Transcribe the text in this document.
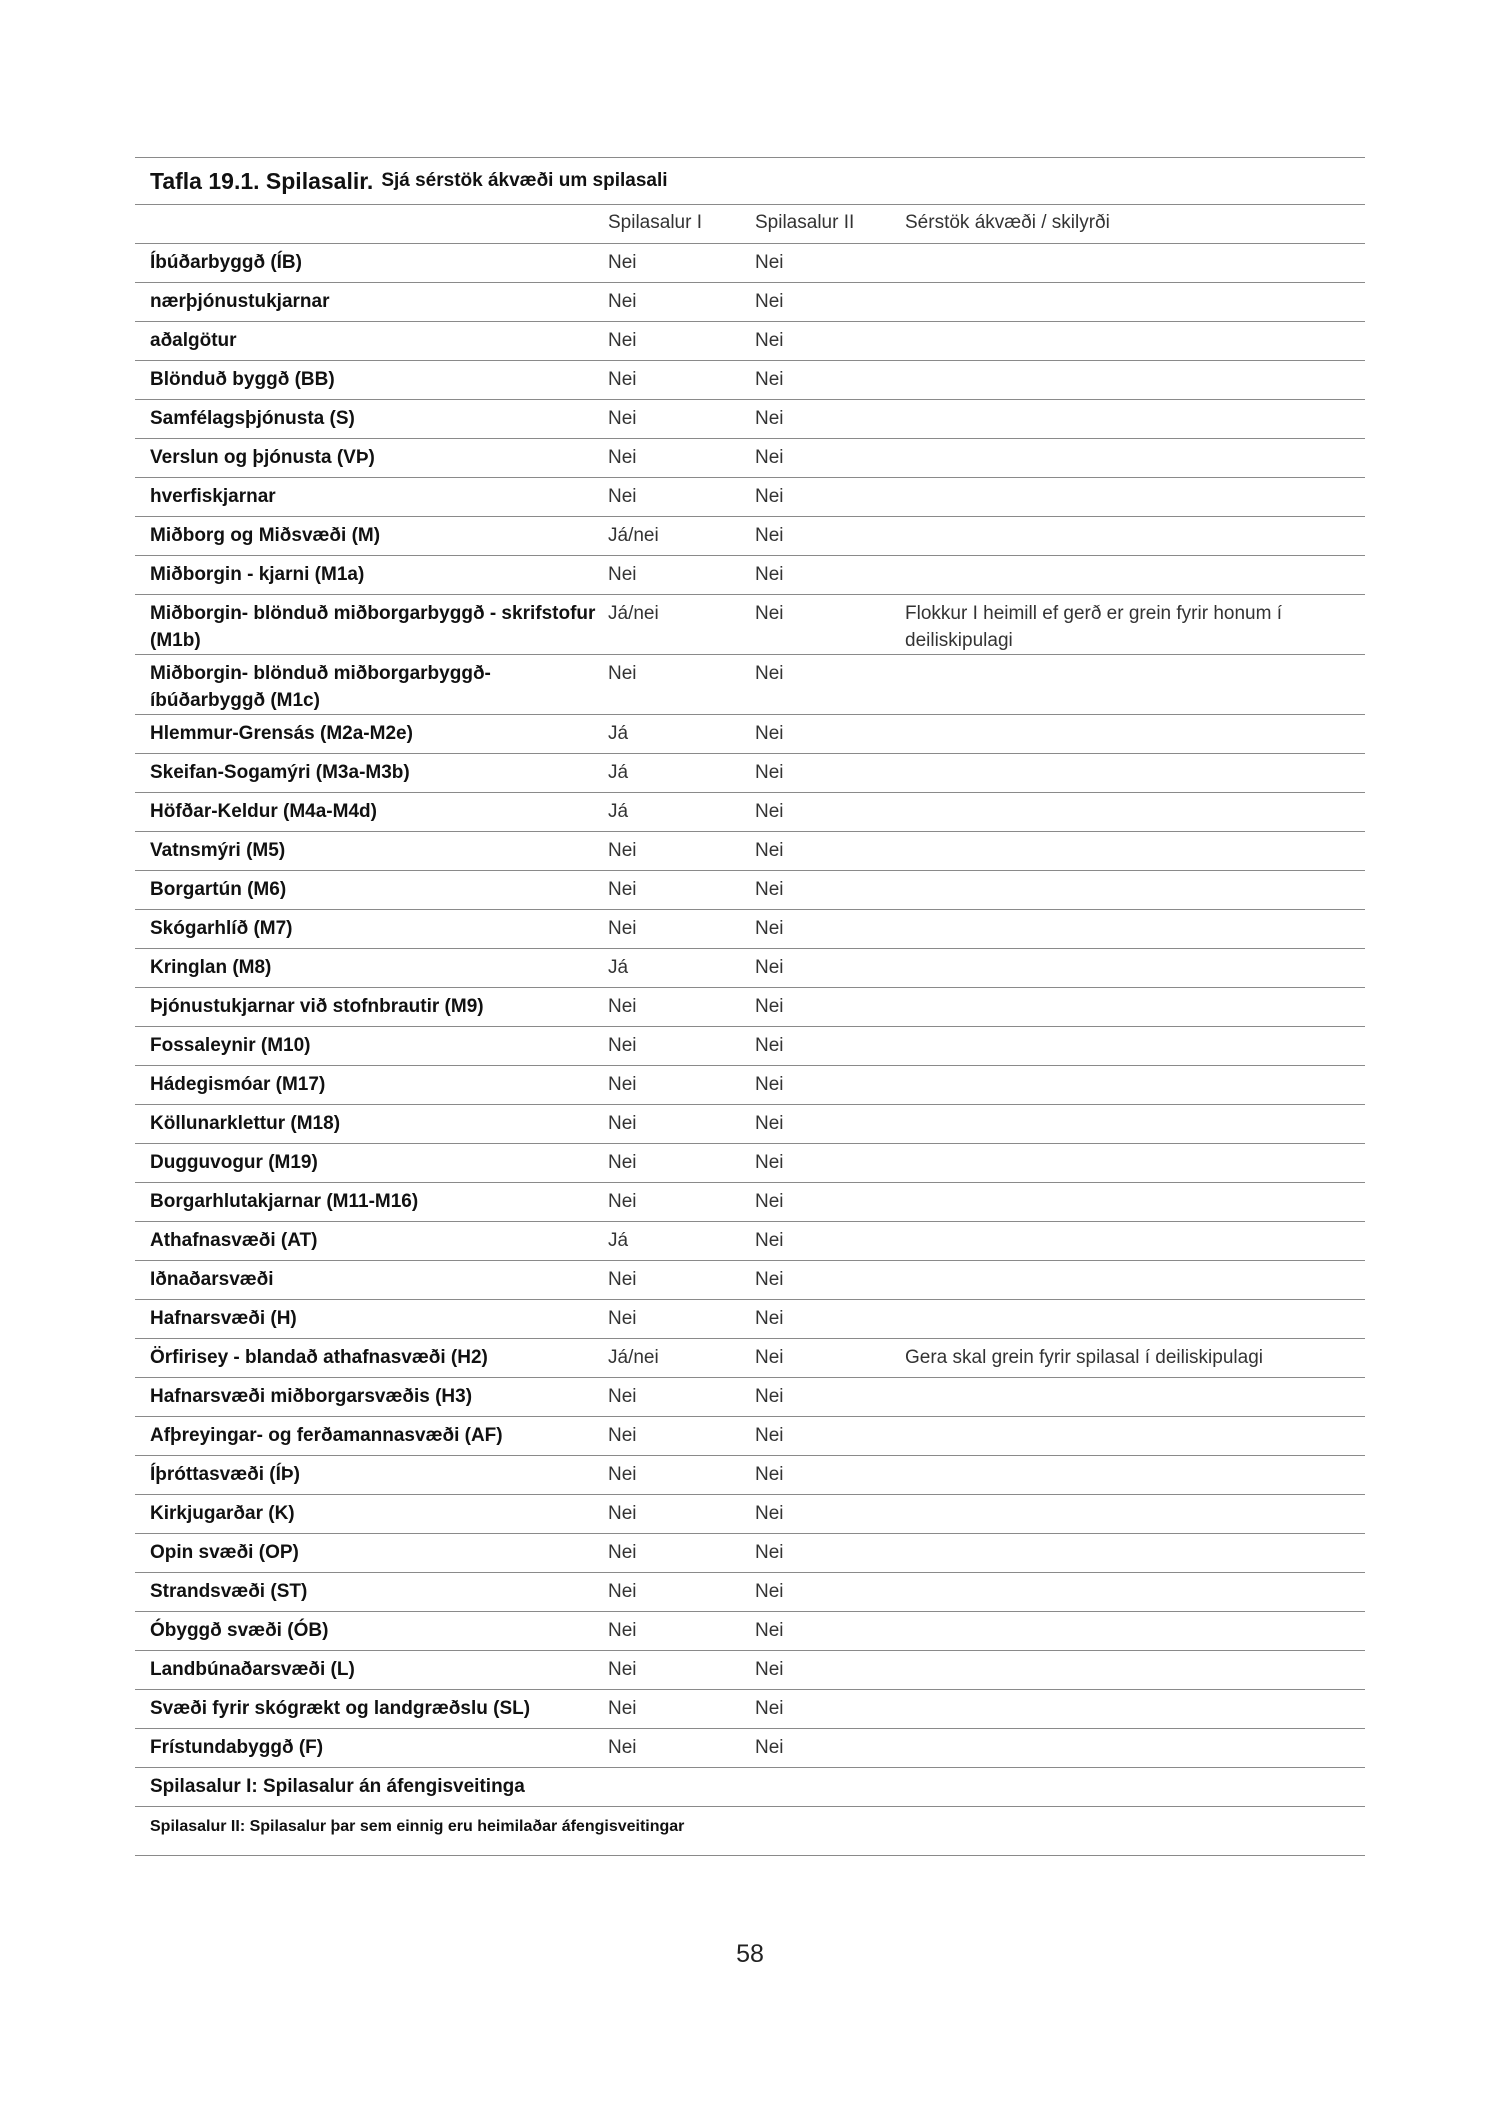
Tafla 19.1. Spilasalir. Sjá sérstök ákvæði um spilasali
	Spilasalur I	Spilasalur II	Sérstök ákvæði / skilyrði
Íbúðarbyggð (ÍB)	Nei	Nei	
nærþjónustukjarnar	Nei	Nei	
aðalgötur	Nei	Nei	
Blönduð byggð (BB)	Nei	Nei	
Samfélagsþjónusta (S)	Nei	Nei	
Verslun og þjónusta (VÞ)	Nei	Nei	
hverfiskjarnar	Nei	Nei	
Miðborg og Miðsvæði (M)	Já/nei	Nei	
Miðborgin - kjarni (M1a)	Nei	Nei	
Miðborgin- blönduð miðborgarbyggð - skrifstofur (M1b)	Já/nei	Nei	Flokkur I heimill ef gerð er grein fyrir honum í deiliskipulagi
Miðborgin- blönduð miðborgarbyggð- íbúðarbyggð (M1c)	Nei	Nei	
Hlemmur-Grensás (M2a-M2e)	Já	Nei	
Skeifan-Sogamýri (M3a-M3b)	Já	Nei	
Höfðar-Keldur (M4a-M4d)	Já	Nei	
Vatnsmýri (M5)	Nei	Nei	
Borgartún (M6)	Nei	Nei	
Skógarhlíð (M7)	Nei	Nei	
Kringlan (M8)	Já	Nei	
Þjónustukjarnar við stofnbrautir (M9)	Nei	Nei	
Fossaleynir (M10)	Nei	Nei	
Hádegismóar (M17)	Nei	Nei	
Köllunarklettur (M18)	Nei	Nei	
Dugguvogur (M19)	Nei	Nei	
Borgarhlutakjarnar (M11-M16)	Nei	Nei	
Athafnasvæði (AT)	Já	Nei	
Iðnaðarsvæði	Nei	Nei	
Hafnarsvæði (H)	Nei	Nei	
Örfirisey - blandað athafnasvæði (H2)	Já/nei	Nei	Gera skal grein fyrir spilasal í deiliskipulagi
Hafnarsvæði miðborgarsvæðis (H3)	Nei	Nei	
Afþreyingar- og ferðamannasvæði (AF)	Nei	Nei	
Íþróttasvæði (ÍÞ)	Nei	Nei	
Kirkjugarðar (K)	Nei	Nei	
Opin svæði (OP)	Nei	Nei	
Strandsvæði (ST)	Nei	Nei	
Óbyggð svæði (ÓB)	Nei	Nei	
Landbúnaðarsvæði (L)	Nei	Nei	
Svæði fyrir skógrækt og landgræðslu (SL)	Nei	Nei	
Frístundabyggð (F)	Nei	Nei	
Spilasalur I: Spilasalur án áfengisveitinga
Spilasalur II: Spilasalur þar sem einnig eru heimilaðar áfengisveitingar
58
